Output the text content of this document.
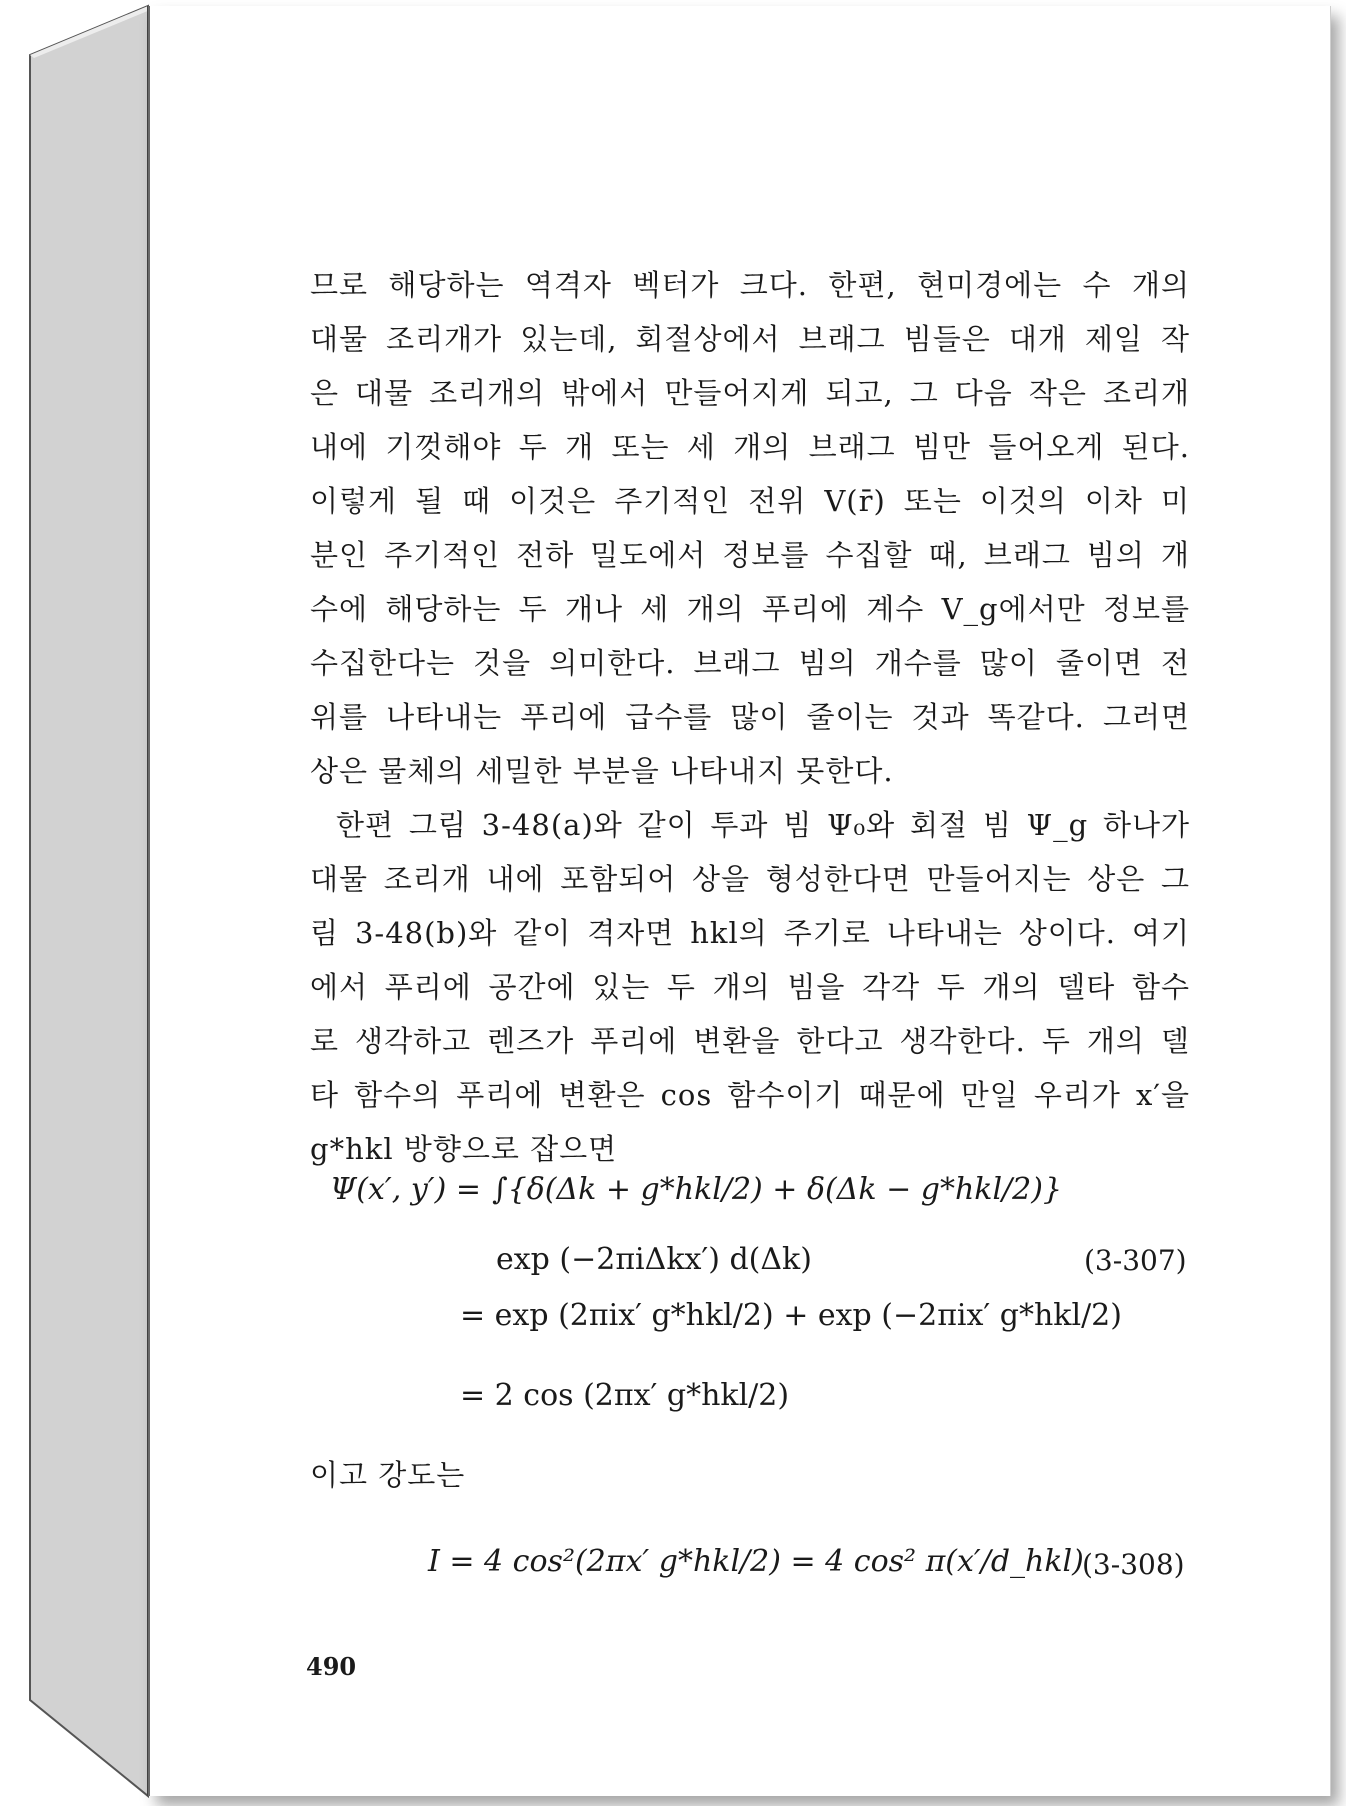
므로 해당하는 역격자 벡터가 크다. 한편, 현미경에는 수 개의
대물 조리개가 있는데, 회절상에서 브래그 빔들은 대개 제일 작
은 대물 조리개의 밖에서 만들어지게 되고, 그 다음 작은 조리개
내에 기껏해야 두 개 또는 세 개의 브래그 빔만 들어오게 된다.
이렇게 될 때 이것은 주기적인 전위 V(r̄) 또는 이것의 이차 미
분인 주기적인 전하 밀도에서 정보를 수집할 때, 브래그 빔의 개
수에 해당하는 두 개나 세 개의 푸리에 계수 V_g에서만 정보를
수집한다는 것을 의미한다. 브래그 빔의 개수를 많이 줄이면 전
위를 나타내는 푸리에 급수를 많이 줄이는 것과 똑같다. 그러면
상은 물체의 세밀한 부분을 나타내지 못한다.
한편 그림 3-48(a)와 같이 투과 빔 Ψ₀와 회절 빔 Ψ_g 하나가
대물 조리개 내에 포함되어 상을 형성한다면 만들어지는 상은 그
림 3-48(b)와 같이 격자면 hkl의 주기로 나타내는 상이다. 여기
에서 푸리에 공간에 있는 두 개의 빔을 각각 두 개의 델타 함수
로 생각하고 렌즈가 푸리에 변환을 한다고 생각한다. 두 개의 델
타 함수의 푸리에 변환은 cos 함수이기 때문에 만일 우리가 x′을
g*hkl 방향으로 잡으면
Ψ(x′, y′) = ∫{δ(Δk + g*hkl/2) + δ(Δk − g*hkl/2)}
exp (−2πiΔkx′) d(Δk)	(3-307)
= exp (2πix′ g*hkl/2) + exp (−2πix′ g*hkl/2)
= 2 cos (2πx′ g*hkl/2)
이고 강도는
I = 4 cos²(2πx′ g*hkl/2) = 4 cos² π(x′/d_hkl)
(3-308)
490
